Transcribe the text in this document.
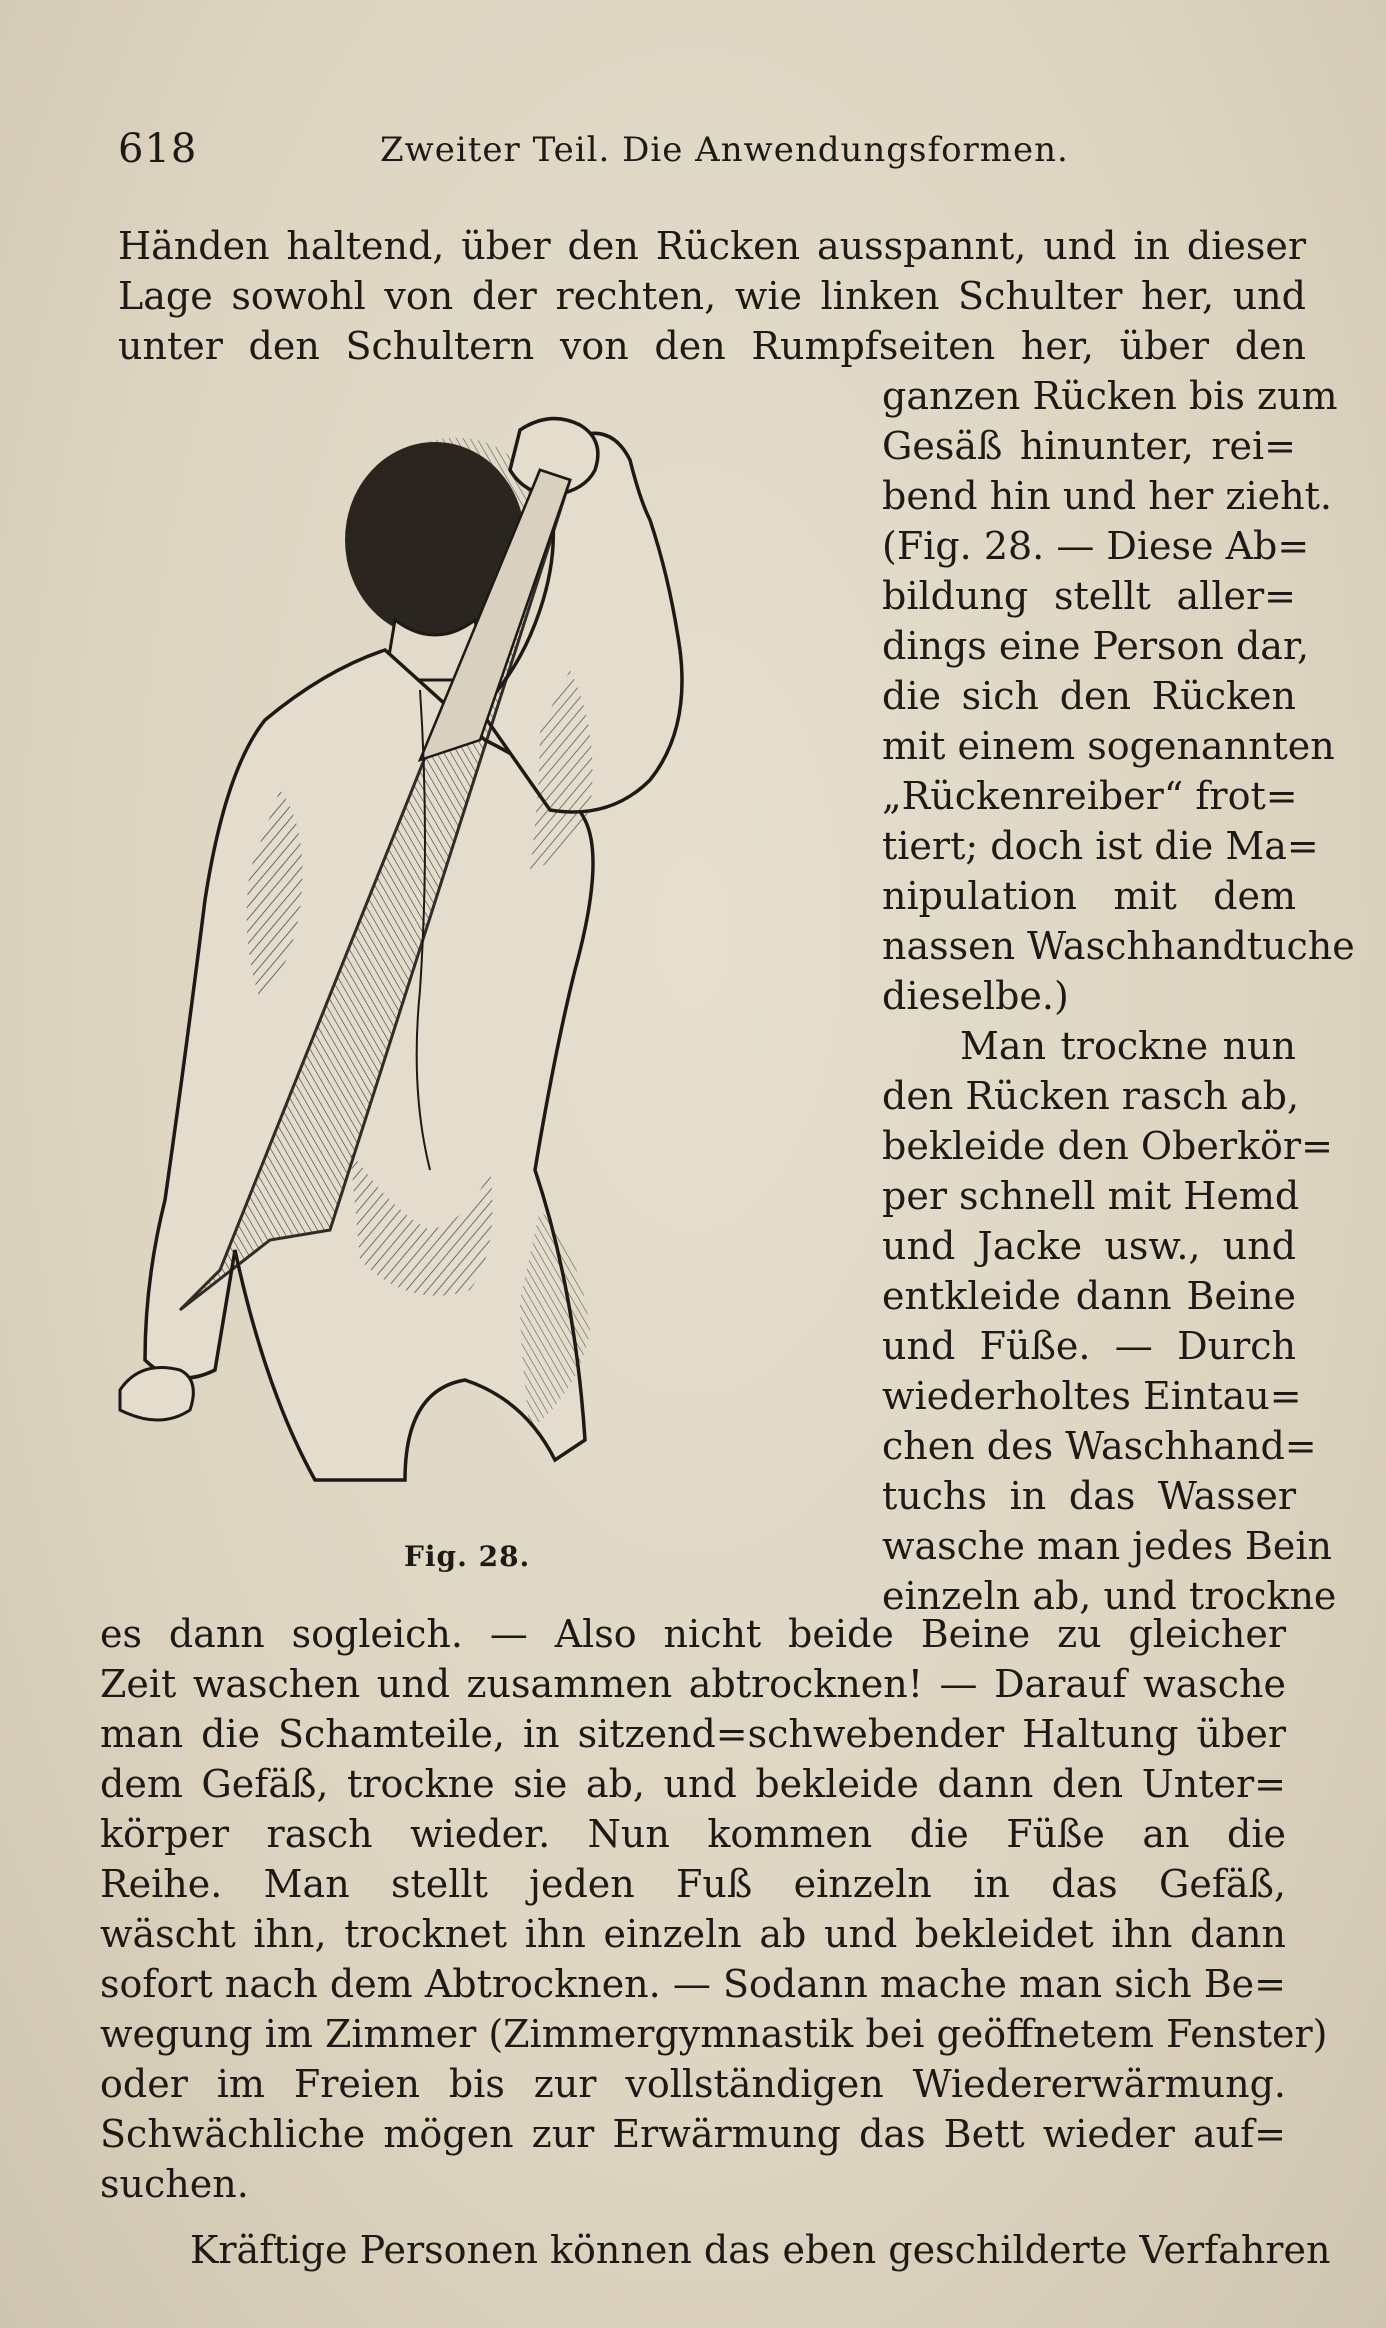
618	Zweiter Teil. Die Anwendungsformen.
Händen haltend, über den Rücken ausspannt, und in dieser
Lage sowohl von der rechten, wie linken Schulter her, und
unter den Schultern von den Rumpfseiten her, über den
ganzen Rücken bis zum
Gesäß hinunter, rei=
bend hin und her zieht.
(Fig. 28. — Diese Ab=
bildung stellt aller=
dings eine Person dar,
die sich den Rücken
mit einem sogenannten
„Rückenreiber“ frot=
tiert; doch ist die Ma=
nipulation mit dem
nassen Waschhandtuche
dieselbe.)
Man trockne nun
den Rücken rasch ab,
bekleide den Oberkör=
per schnell mit Hemd
und Jacke usw., und
entkleide dann Beine
und Füße. — Durch
wiederholtes Eintau=
chen des Waschhand=
tuchs in das Wasser
wasche man jedes Bein
einzeln ab, und trockne
Fig. 28.
es dann sogleich. — Also nicht beide Beine zu gleicher
Zeit waschen und zusammen abtrocknen! — Darauf wasche
man die Schamteile, in sitzend=schwebender Haltung über
dem Gefäß, trockne sie ab, und bekleide dann den Unter=
körper rasch wieder. Nun kommen die Füße an die
Reihe. Man stellt jeden Fuß einzeln in das Gefäß,
wäscht ihn, trocknet ihn einzeln ab und bekleidet ihn dann
sofort nach dem Abtrocknen. — Sodann mache man sich Be=
wegung im Zimmer (Zimmergymnastik bei geöffnetem Fenster)
oder im Freien bis zur vollständigen Wiedererwärmung.
Schwächliche mögen zur Erwärmung das Bett wieder auf=
suchen.
Kräftige Personen können das eben geschilderte Verfahren
